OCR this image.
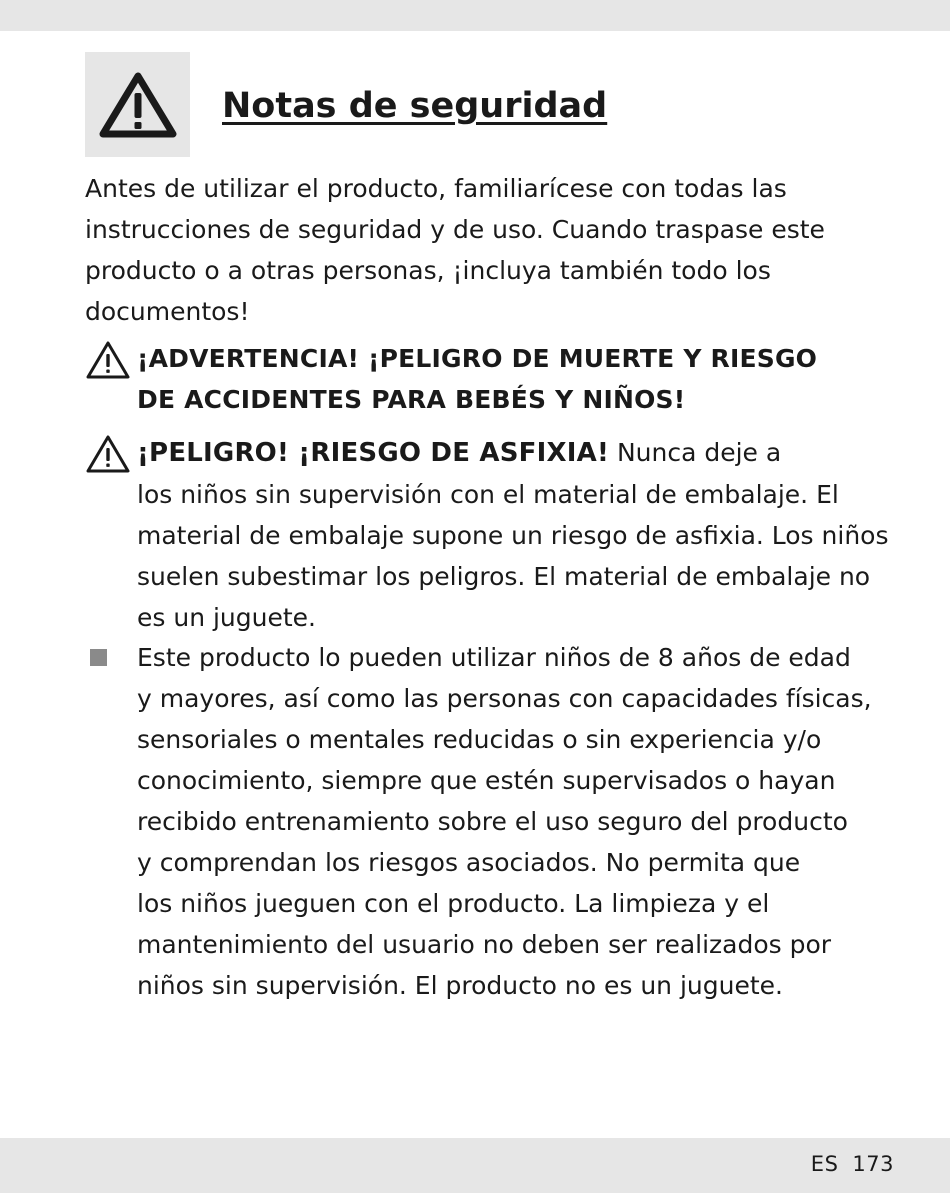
Notas de seguridad

Antes de utilizar el producto, familiarícese con todas las
instrucciones de seguridad y de uso. Cuando traspase este
producto o a otras personas, ¡incluya también todo los
documentos!

¡ADVERTENCIA! ¡PELIGRO DE MUERTE Y RIESGO
DE ACCIDENTES PARA BEBÉS Y NIÑOS!
¡PELIGRO! ¡RIESGO DE ASFIXIA! Nunca deje a
los niños sin supervisión con el material de embalaje. El
material de embalaje supone un riesgo de asfixia. Los niños
suelen subestimar los peligros. El material de embalaje no
es un juguete.
Este producto lo pueden utilizar niños de 8 años de edad
y mayores, así como las personas con capacidades físicas,
sensoriales o mentales reducidas o sin experiencia y/o
conocimiento, siempre que estén supervisados o hayan
recibido entrenamiento sobre el uso seguro del producto
y comprendan los riesgos asociados. No permita que
los niños jueguen con el producto. La limpieza y el
mantenimiento del usuario no deben ser realizados por
niños sin supervisión. El producto no es un juguete.
ES 173
